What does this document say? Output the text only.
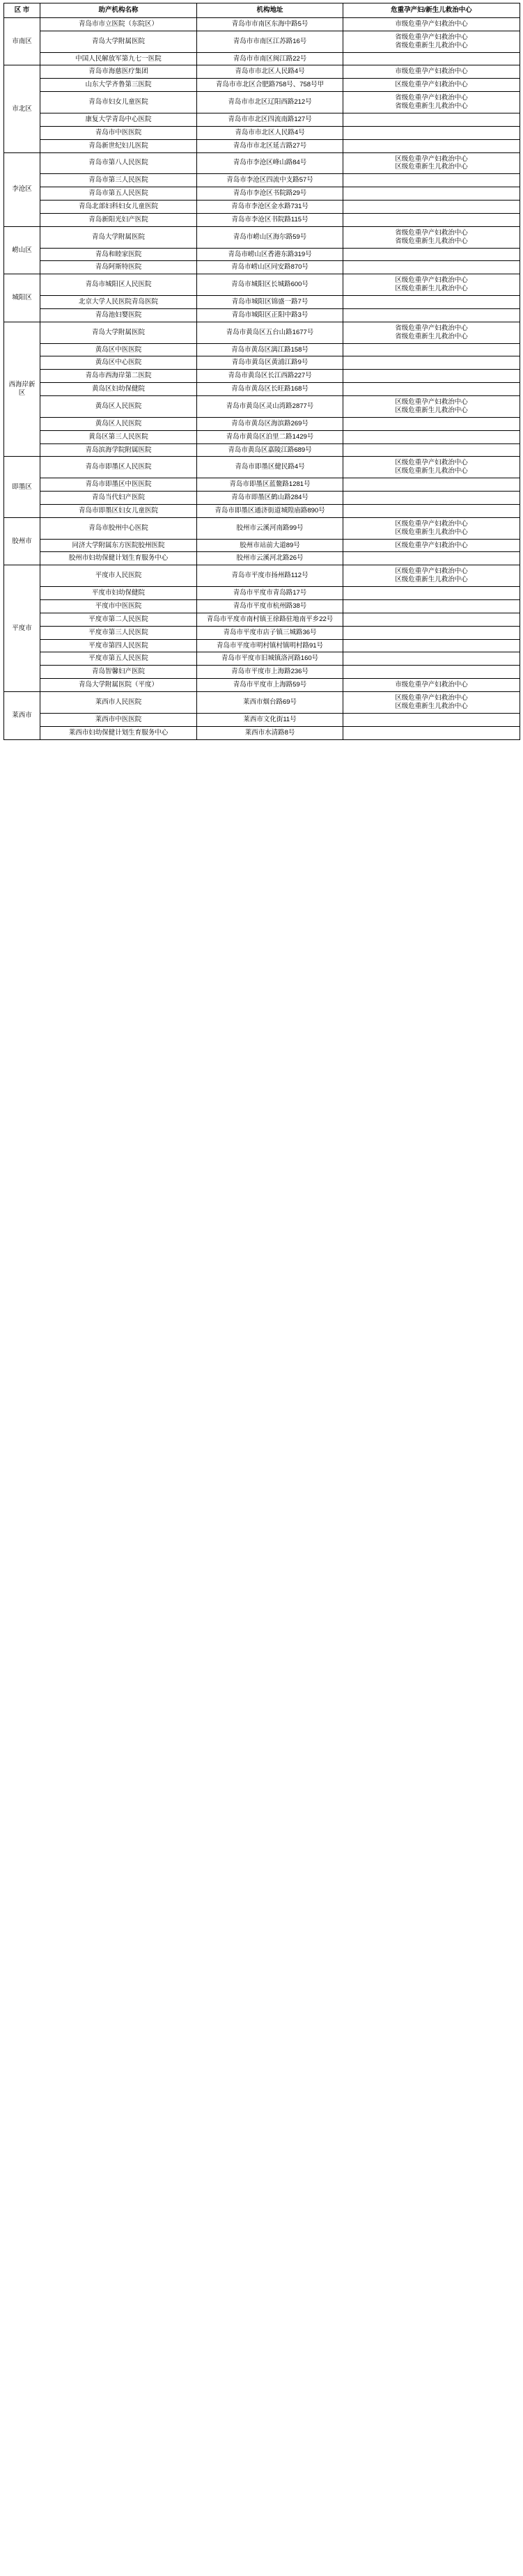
区 市	助产机构名称	机构地址	危重孕产妇/新生儿救治中心
市南区	青岛市市立医院（东院区）	青岛市市南区东海中路5号	市级危重孕产妇救治中心

	青岛大学附属医院	青岛市市南区江苏路16号	省级危重孕产妇救治中心
省级危重新生儿救治中心

	中国人民解放军第九七一医院	青岛市市南区闽江路22号	
市北区	青岛市海慈医疗集团	青岛市市北区人民路4号	市级危重孕产妇救治中心

	山东大学齐鲁第三医院	青岛市市北区合肥路758号、758号甲	区级危重孕产妇救治中心

	青岛市妇女儿童医院	青岛市市北区辽阳西路212号	省级危重孕产妇救治中心
省级危重新生儿救治中心

	康复大学青岛中心医院	青岛市市北区四流南路127号	
	青岛市中医医院	青岛市市北区人民路4号	
	青岛新世纪妇儿医院	青岛市市北区延吉路27号	
李沧区	青岛市第八人民医院	青岛市李沧区峰山路84号	区级危重孕产妇救治中心
区级危重新生儿救治中心

	青岛市第三人民医院	青岛市李沧区四流中支路57号	
	青岛市第五人民医院	青岛市李沧区书院路29号	
	青岛北部妇科妇女儿童医院	青岛市李沧区金水路731号	
	青岛新阳光妇产医院	青岛市李沧区书院路115号	
崂山区	青岛大学附属医院	青岛市崂山区海尔路59号	省级危重孕产妇救治中心
省级危重新生儿救治中心

	青岛和睦家医院	青岛市崂山区香港东路319号	
	青岛阿斯特医院	青岛市崂山区同安路870号	
城阳区	青岛市城阳区人民医院	青岛市城阳区长城路600号	区级危重孕产妇救治中心
区级危重新生儿救治中心

	北京大学人民医院青岛医院	青岛市城阳区锦盛一路7号	
	青岛池妇婴医院	青岛市城阳区正阳中路3号	
西海岸新区	青岛大学附属医院	青岛市黄岛区五台山路1677号	省级危重孕产妇救治中心
省级危重新生儿救治中心

	黄岛区中医医院	青岛市黄岛区漓江路158号	
	黄岛区中心医院	青岛市黄岛区黄浦江路9号	
	青岛市西海岸第二医院	青岛市黄岛区长江西路227号	
	黄岛区妇幼保健院	青岛市黄岛区长旺路168号	
	黄岛区人民医院	青岛市黄岛区灵山湾路2877号	区级危重孕产妇救治中心
区级危重新生儿救治中心

	黄岛区人民医院	青岛市黄岛区海滨路269号	
	黄岛区第三人民医院	青岛市黄岛区泊里二路1429号	
	青岛滨海学院附属医院	青岛市黄岛区嘉陵江路689号	
即墨区	青岛市即墨区人民医院	青岛市即墨区健民路4号	区级危重孕产妇救治中心
区级危重新生儿救治中心

	青岛市即墨区中医医院	青岛市即墨区蓝鳌路1281号	
	青岛当代妇产医院	青岛市即墨区鹤山路284号	
	青岛市即墨区妇女儿童医院	青岛市即墨区通济街道城隍庙路890号	
胶州市	青岛市胶州中心医院	胶州市云溪河南路99号	区级危重孕产妇救治中心
区级危重新生儿救治中心

	同济大学附属东方医院胶州医院	胶州市站前大道89号	区级危重孕产妇救治中心

	胶州市妇幼保健计划生育服务中心	胶州市云溪河北路26号	
平度市	平度市人民医院	青岛市平度市扬州路112号	区级危重孕产妇救治中心
区级危重新生儿救治中心

	平度市妇幼保健院	青岛市平度市青岛路17号	
	平度市中医医院	青岛市平度市杭州路38号	
	平度市第二人民医院	青岛市平度市南村镇王徐路驻地南平乡22号	
	平度市第三人民医院	青岛市平度市店子镇三城路36号	
	平度市第四人民医院	青岛市平度市明村镇村镇明村路91号	
	平度市第五人民医院	青岛市平度市旧城镇洛河路160号	
	青岛智馨妇产医院	青岛市平度市上海路236号	
	青岛大学附属医院（平度）	青岛市平度市上海路59号	市级危重孕产妇救治中心

莱西市	莱西市人民医院	莱西市烟台路69号	区级危重孕产妇救治中心
区级危重新生儿救治中心

	莱西市中医医院	莱西市文化街11号	
	莱西市妇幼保健计划生育服务中心	莱西市水清路8号	
